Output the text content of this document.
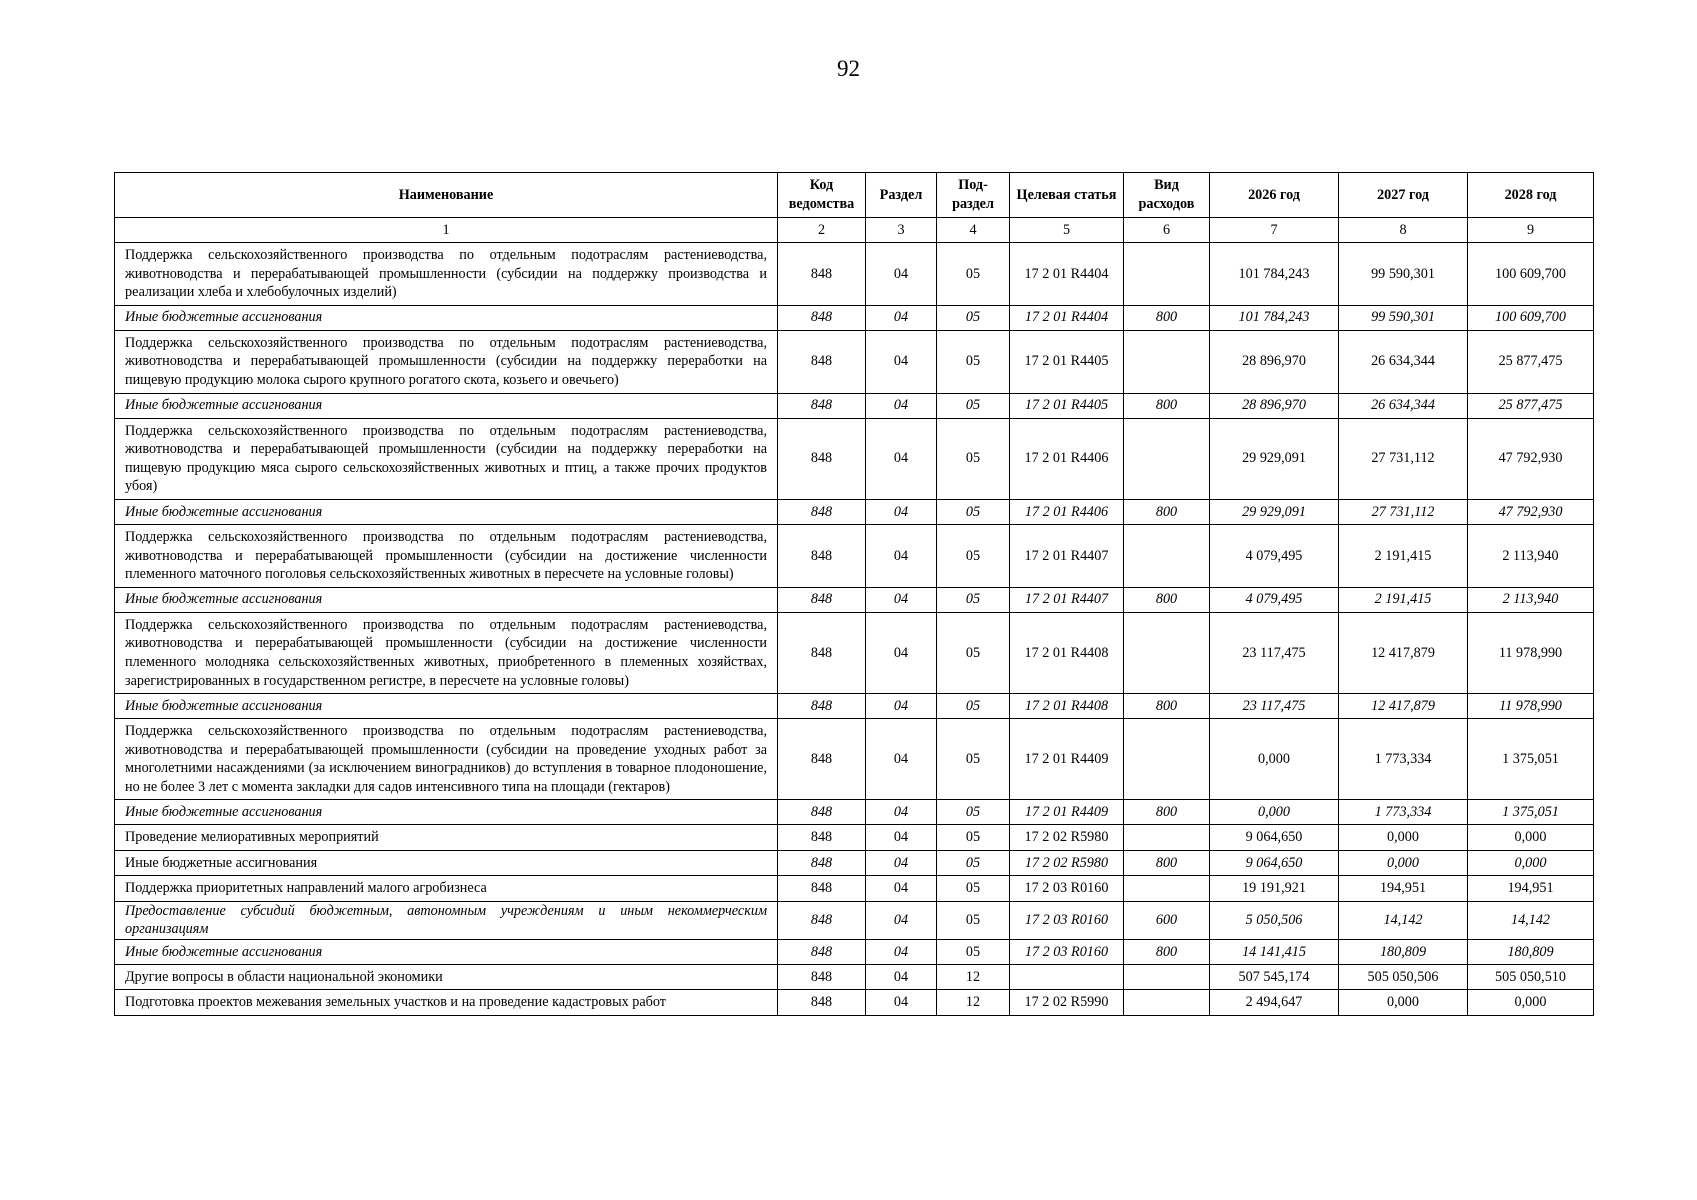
92
Наименование	Код ведомства	Раздел	Под-раздел	Целевая статья	Вид расходов	2026 год	2027 год	2028 год
1	2	3	4	5	6	7	8	9
Поддержка сельскохозяйственного производства по отдельным подотраслям растениеводства, животноводства и перерабатывающей промышленности (субсидии на поддержку производства и реализации хлеба и хлебобулочных изделий)	848	04	05	17 2 01 R4404		101 784,243	99 590,301	100 609,700
Иные бюджетные ассигнования	848	04	05	17 2 01 R4404	800	101 784,243	99 590,301	100 609,700
Поддержка сельскохозяйственного производства по отдельным подотраслям растениеводства, животноводства и перерабатывающей промышленности (субсидии на поддержку переработки на пищевую продукцию молока сырого крупного рогатого скота, козьего и овечьего)	848	04	05	17 2 01 R4405		28 896,970	26 634,344	25 877,475
Иные бюджетные ассигнования	848	04	05	17 2 01 R4405	800	28 896,970	26 634,344	25 877,475
Поддержка сельскохозяйственного производства по отдельным подотраслям растениеводства, животноводства и перерабатывающей промышленности (субсидии на поддержку переработки на пищевую продукцию мяса сырого сельскохозяйственных животных и птиц, а также прочих продуктов убоя)	848	04	05	17 2 01 R4406		29 929,091	27 731,112	47 792,930
Иные бюджетные ассигнования	848	04	05	17 2 01 R4406	800	29 929,091	27 731,112	47 792,930
Поддержка сельскохозяйственного производства по отдельным подотраслям растениеводства, животноводства и перерабатывающей промышленности (субсидии на достижение численности племенного маточного поголовья сельскохозяйственных животных в пересчете на условные головы)	848	04	05	17 2 01 R4407		4 079,495	2 191,415	2 113,940
Иные бюджетные ассигнования	848	04	05	17 2 01 R4407	800	4 079,495	2 191,415	2 113,940
Поддержка сельскохозяйственного производства по отдельным подотраслям растениеводства, животноводства и перерабатывающей промышленности (субсидии на достижение численности племенного молодняка сельскохозяйственных животных, приобретенного в племенных хозяйствах, зарегистрированных в государственном регистре, в пересчете на условные головы)	848	04	05	17 2 01 R4408		23 117,475	12 417,879	11 978,990
Иные бюджетные ассигнования	848	04	05	17 2 01 R4408	800	23 117,475	12 417,879	11 978,990
Поддержка сельскохозяйственного производства по отдельным подотраслям растениеводства, животноводства и перерабатывающей промышленности (субсидии на проведение уходных работ за многолетними насаждениями (за исключением виноградников) до вступления в товарное плодоношение, но не более 3 лет с момента закладки для садов интенсивного типа на площади (гектаров)	848	04	05	17 2 01 R4409		0,000	1 773,334	1 375,051
Иные бюджетные ассигнования	848	04	05	17 2 01 R4409	800	0,000	1 773,334	1 375,051
Проведение мелиоративных мероприятий	848	04	05	17 2 02 R5980		9 064,650	0,000	0,000
Иные бюджетные ассигнования	848	04	05	17 2 02 R5980	800	9 064,650	0,000	0,000
Поддержка приоритетных направлений малого агробизнеса	848	04	05	17 2 03 R0160		19 191,921	194,951	194,951
Предоставление субсидий бюджетным, автономным учреждениям и иным некоммерческим организациям	848	04	05	17 2 03 R0160	600	5 050,506	14,142	14,142
Иные бюджетные ассигнования	848	04	05	17 2 03 R0160	800	14 141,415	180,809	180,809
Другие вопросы в области национальной экономики	848	04	12			507 545,174	505 050,506	505 050,510
Подготовка проектов межевания земельных участков и на проведение кадастровых работ	848	04	12	17 2 02 R5990		2 494,647	0,000	0,000
